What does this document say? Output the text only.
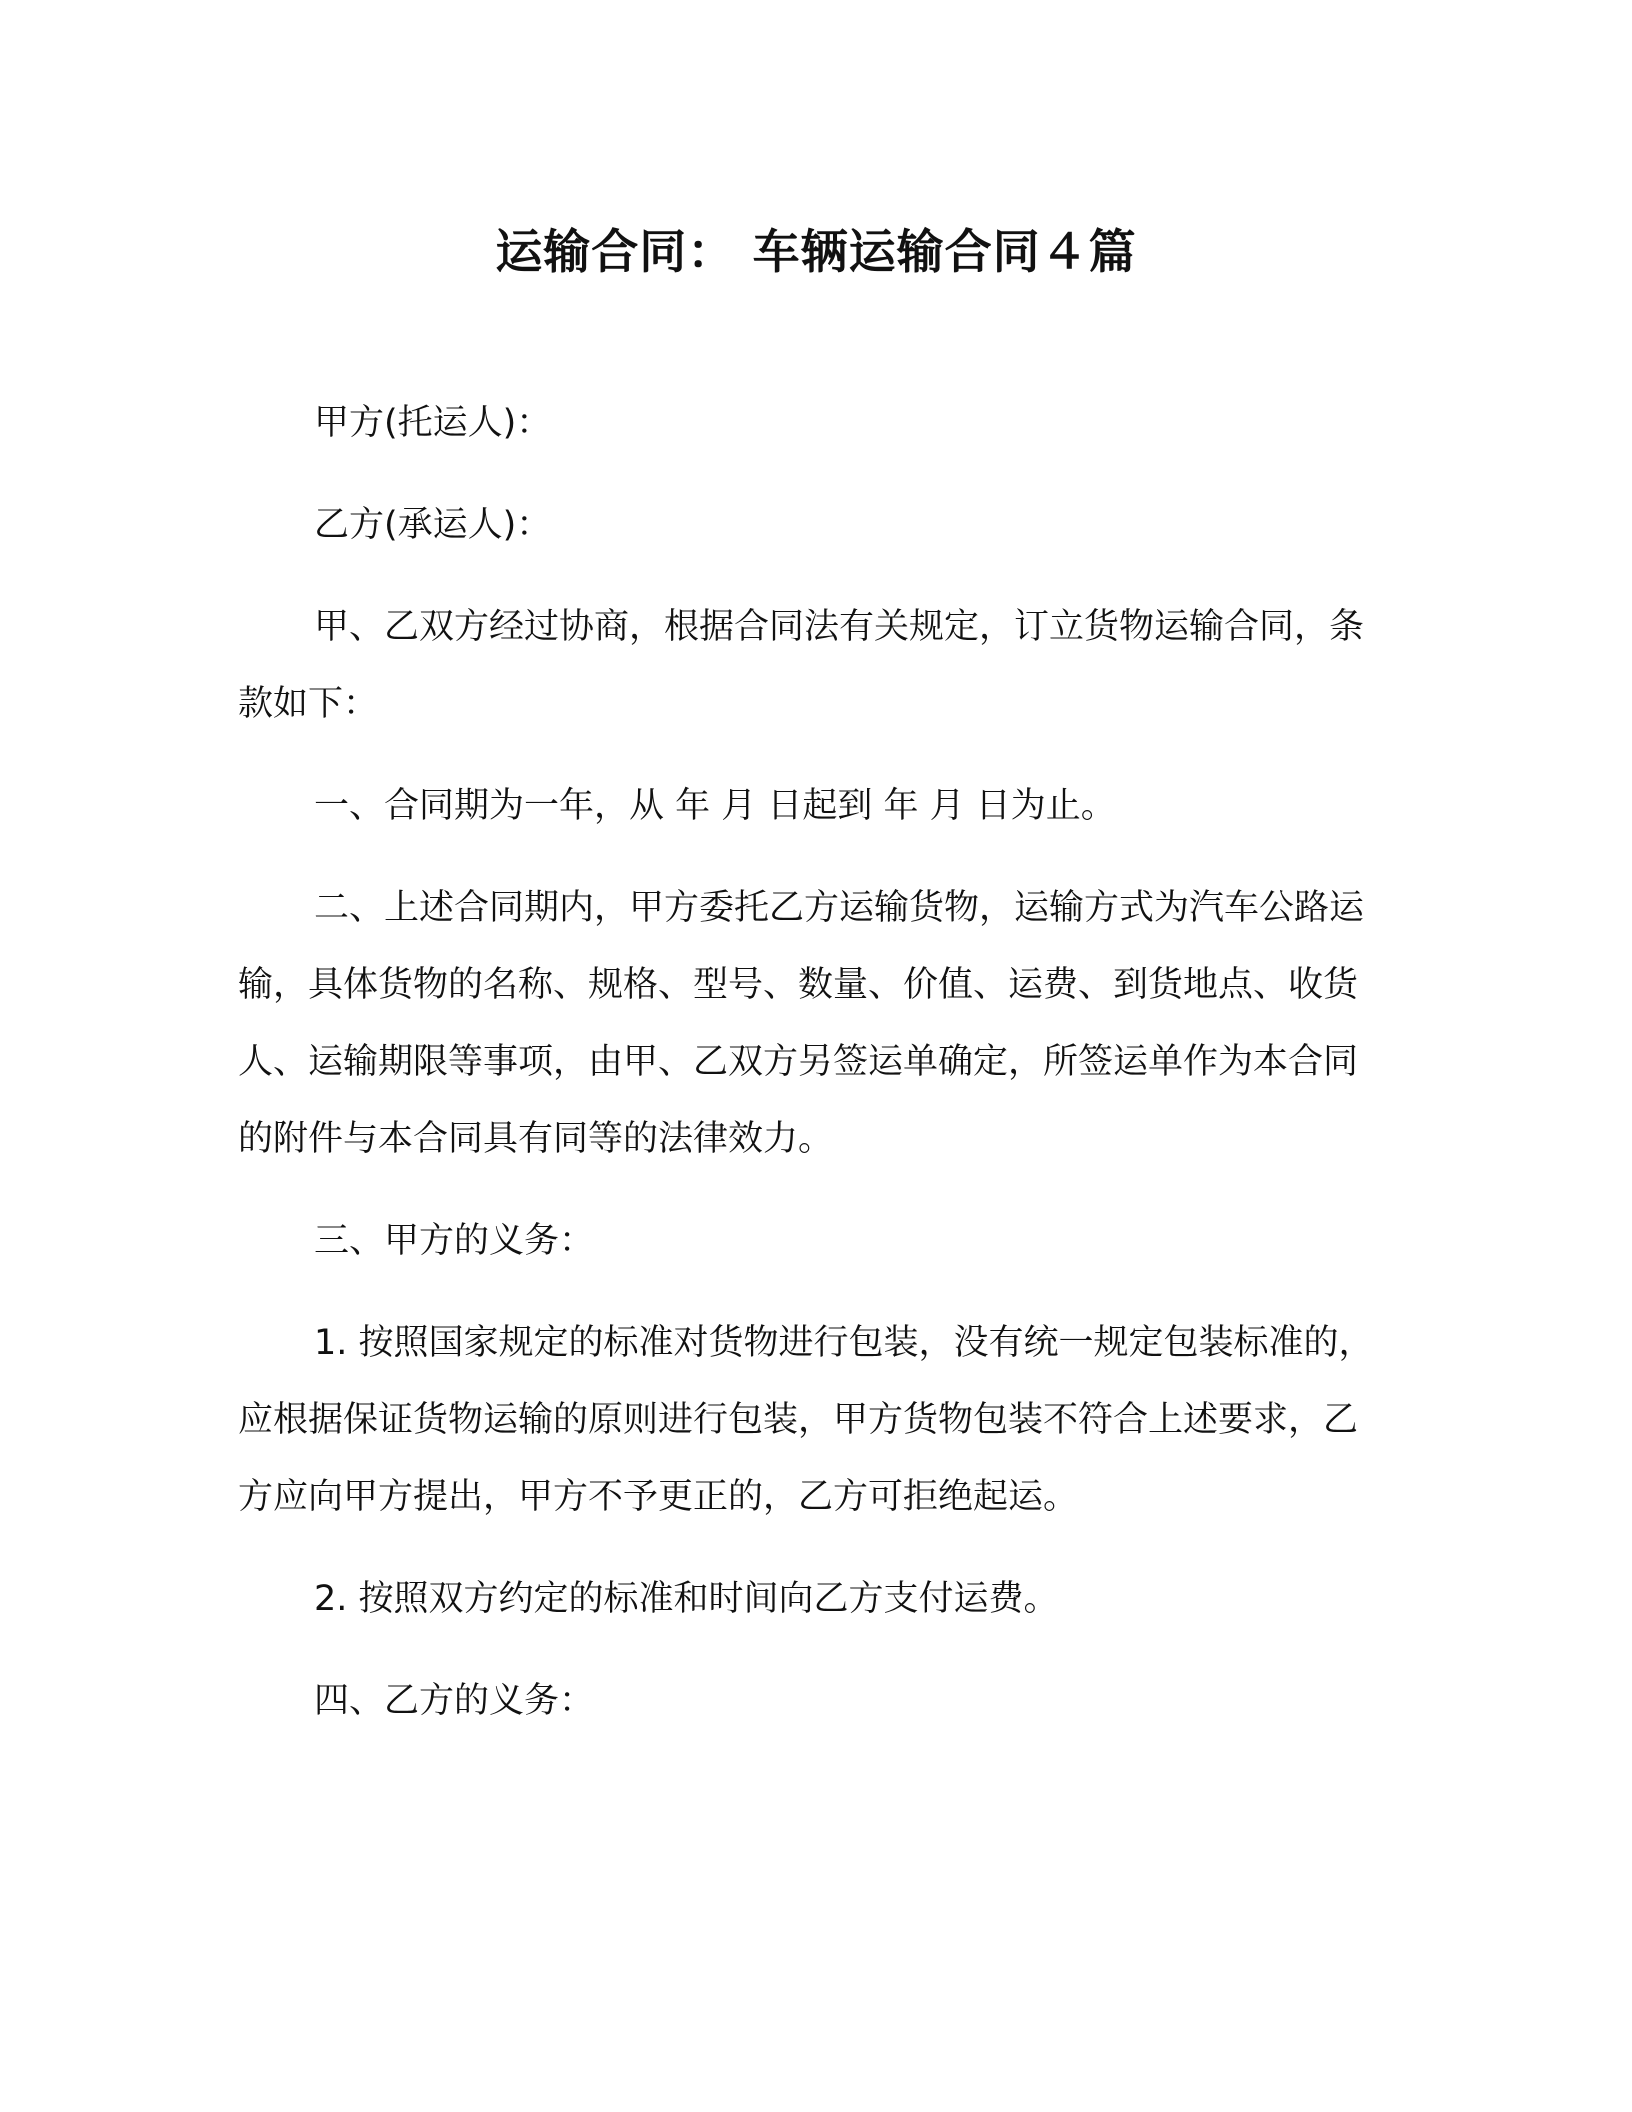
运输合同： 车辆运输合同４篇

甲方(托运人)：

乙方(承运人)：

甲、乙双方经过协商，根据合同法有关规定，订立货物运输合同，条款如下：

一、合同期为一年，从 年 月 日起到 年 月 日为止。

二、上述合同期内，甲方委托乙方运输货物，运输方式为汽车公路运输，具体货物的名称、规格、型号、数量、价值、运费、到货地点、收货人、运输期限等事项，由甲、乙双方另签运单确定，所签运单作为本合同的附件与本合同具有同等的法律效力。

三、甲方的义务：

1. 按照国家规定的标准对货物进行包装，没有统一规定包装标准的，应根据保证货物运输的原则进行包装，甲方货物包装不符合上述要求，乙方应向甲方提出，甲方不予更正的，乙方可拒绝起运。

2. 按照双方约定的标准和时间向乙方支付运费。

四、乙方的义务：
